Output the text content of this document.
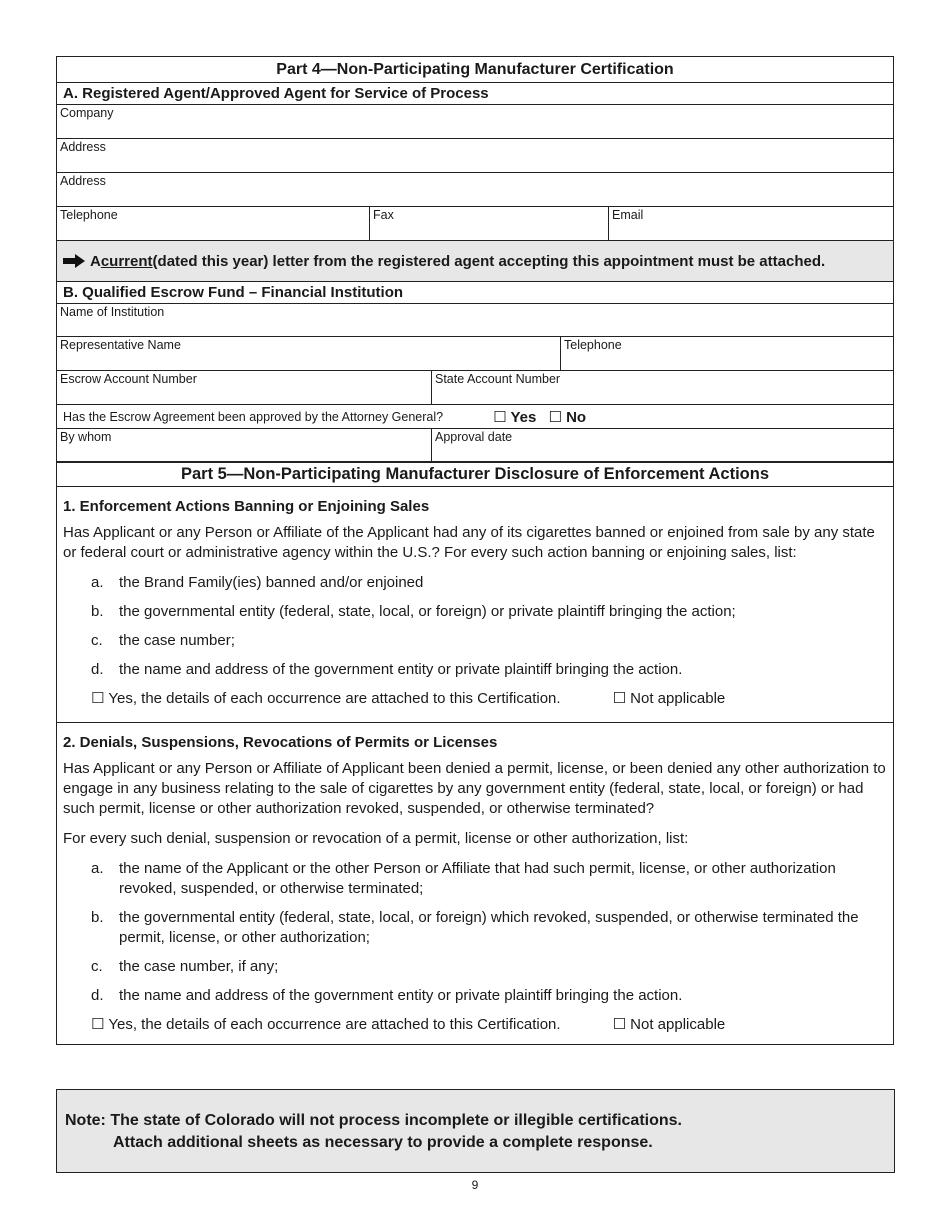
Part 4—Non-Participating Manufacturer Certification
A. Registered Agent/Approved Agent for Service of Process
Company
Address
Address
Telephone	Fax	Email
A current (dated this year) letter from the registered agent accepting this appointment must be attached.
B. Qualified Escrow Fund – Financial Institution
Name of Institution
Representative Name	Telephone
Escrow Account Number	State Account Number
Has the Escrow Agreement been approved by the Attorney General?	☐ Yes ☐ No
By whom	Approval date
Part 5—Non-Participating Manufacturer Disclosure of Enforcement Actions
1. Enforcement Actions Banning or Enjoining Sales

Has Applicant or any Person or Affiliate of the Applicant had any of its cigarettes banned or enjoined from sale by any state or federal court or administrative agency within the U.S.? For every such action banning or enjoining sales, list:

a.	the Brand Family(ies) banned and/or enjoined
b.	the governmental entity (federal, state, local, or foreign) or private plaintiff bringing the action;
c.	the case number;
d.	the name and address of the government entity or private plaintiff bringing the action.
☐ Yes, the details of each occurrence are attached to this Certification.	☐ Not applicable
2. Denials, Suspensions, Revocations of Permits or Licenses

Has Applicant or any Person or Affiliate of Applicant been denied a permit, license, or been denied any other authorization to engage in any business relating to the sale of cigarettes by any government entity (federal, state, local, or foreign) or had such permit, license or other authorization revoked, suspended, or otherwise terminated?

For every such denial, suspension or revocation of a permit, license or other authorization, list:

a.	the name of the Applicant or the other Person or Affiliate that had such permit, license, or other authorization revoked, suspended, or otherwise terminated;
b.	the governmental entity (federal, state, local, or foreign) which revoked, suspended, or otherwise terminated the permit, license, or other authorization;
c.	the case number, if any;
d.	the name and address of the government entity or private plaintiff bringing the action.
☐ Yes, the details of each occurrence are attached to this Certification.	☐ Not applicable
Note: The state of Colorado will not process incomplete or illegible certifications.
Attach additional sheets as necessary to provide a complete response.
9
